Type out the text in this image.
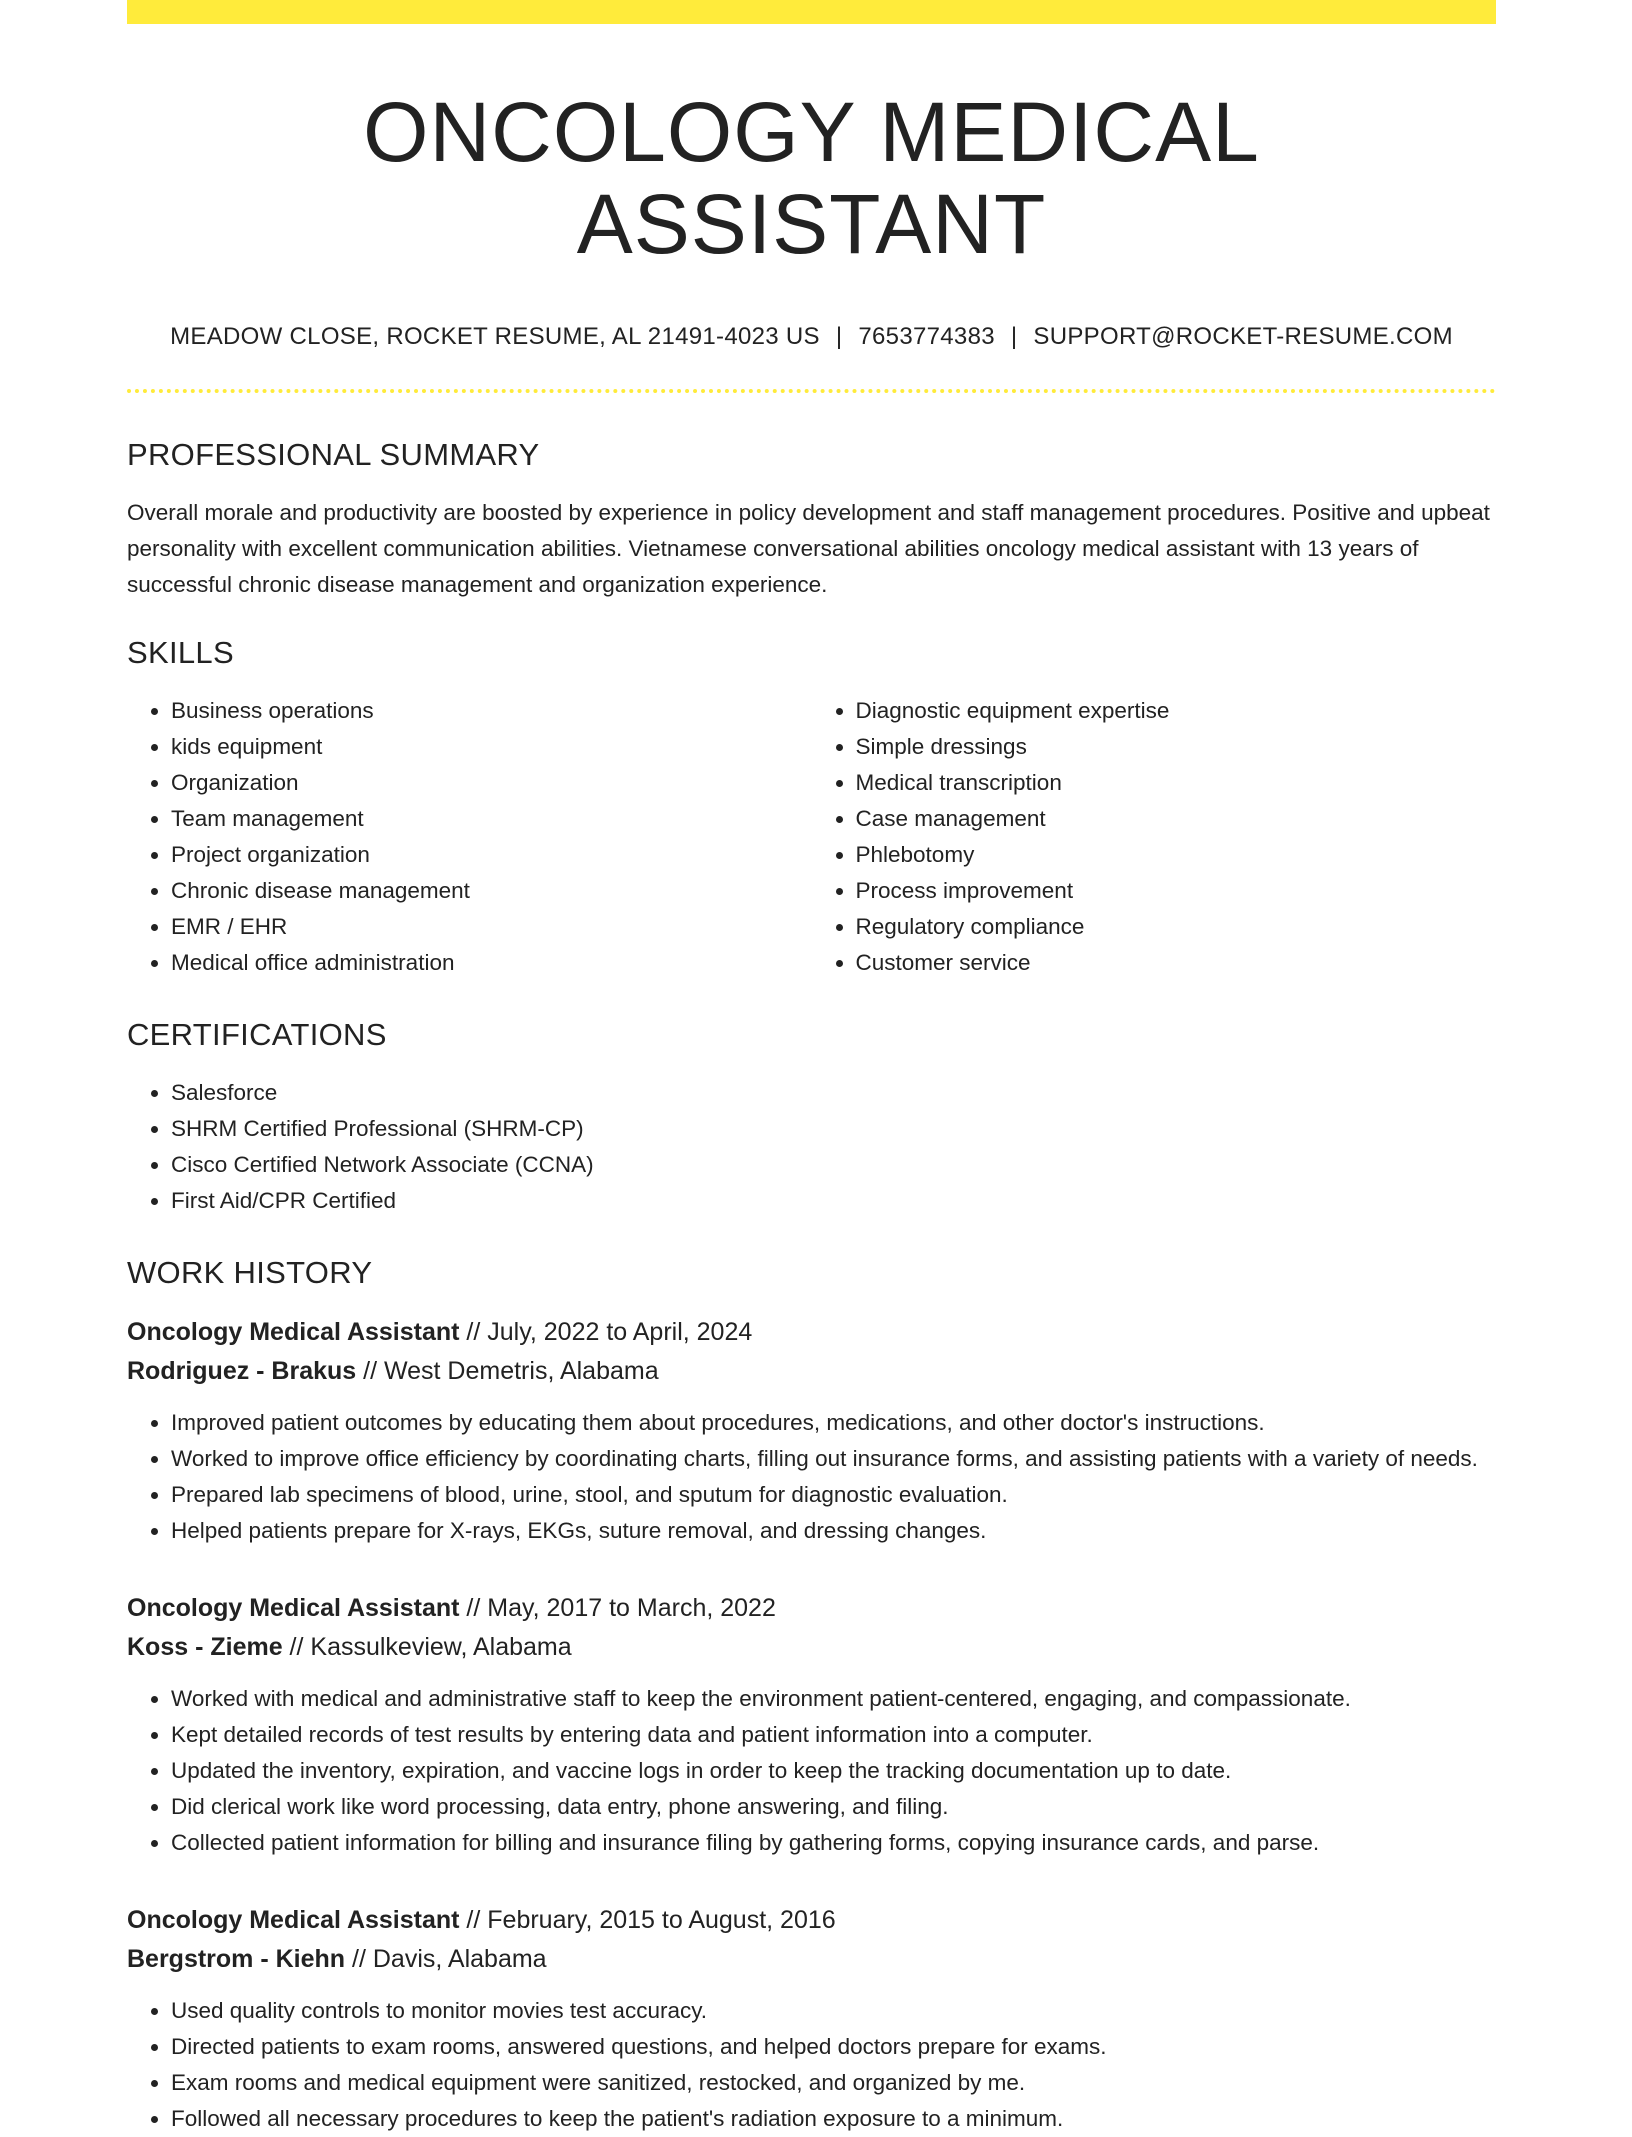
ONCOLOGY MEDICAL ASSISTANT
MEADOW CLOSE, ROCKET RESUME, AL 21491-4023 US | 7653774383 | SUPPORT@ROCKET-RESUME.COM
PROFESSIONAL SUMMARY

Overall morale and productivity are boosted by experience in policy development and staff management procedures. Positive and upbeat personality with excellent communication abilities. Vietnamese conversational abilities oncology medical assistant with 13 years of successful chronic disease management and organization experience.

SKILLS
• Business operations
• kids equipment
• Organization
• Team management
• Project organization
• Chronic disease management
• EMR / EHR
• Medical office administration
• Diagnostic equipment expertise
• Simple dressings
• Medical transcription
• Case management
• Phlebotomy
• Process improvement
• Regulatory compliance
• Customer service
CERTIFICATIONS
• Salesforce
• SHRM Certified Professional (SHRM-CP)
• Cisco Certified Network Associate (CCNA)
• First Aid/CPR Certified
WORK HISTORY
Oncology Medical Assistant // July, 2022 to April, 2024
Rodriguez - Brakus // West Demetris, Alabama
• Improved patient outcomes by educating them about procedures, medications, and other doctor's instructions.
• Worked to improve office efficiency by coordinating charts, filling out insurance forms, and assisting patients with a variety of needs.
• Prepared lab specimens of blood, urine, stool, and sputum for diagnostic evaluation.
• Helped patients prepare for X-rays, EKGs, suture removal, and dressing changes.
Oncology Medical Assistant // May, 2017 to March, 2022
Koss - Zieme // Kassulkeview, Alabama
• Worked with medical and administrative staff to keep the environment patient-centered, engaging, and compassionate.
• Kept detailed records of test results by entering data and patient information into a computer.
• Updated the inventory, expiration, and vaccine logs in order to keep the tracking documentation up to date.
• Did clerical work like word processing, data entry, phone answering, and filing.
• Collected patient information for billing and insurance filing by gathering forms, copying insurance cards, and parse.
Oncology Medical Assistant // February, 2015 to August, 2016
Bergstrom - Kiehn // Davis, Alabama
• Used quality controls to monitor movies test accuracy.
• Directed patients to exam rooms, answered questions, and helped doctors prepare for exams.
• Exam rooms and medical equipment were sanitized, restocked, and organized by me.
• Followed all necessary procedures to keep the patient's radiation exposure to a minimum.
